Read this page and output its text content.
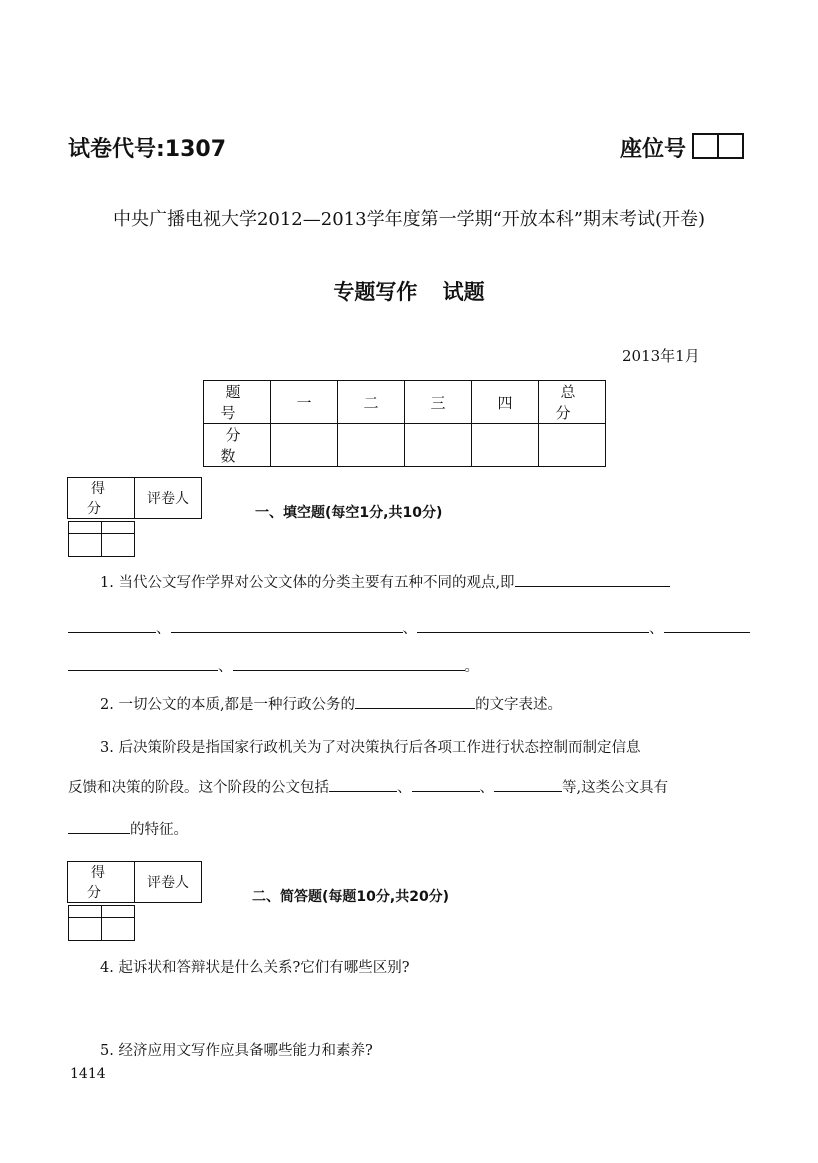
试卷代号:1307	座位号
中央广播电视大学2012—2013学年度第一学期“开放本科”期末考试(开卷)
专题写作 试题
2013年1月
题 号	一	二	三	四	总 分
分 数					
得 分	评卷人

一、填空题(每空1分,共10分)
1. 当代公文写作学界对公文文体的分类主要有五种不同的观点,即
、	、	、
、	。
2. 一切公文的本质,都是一种行政公务的	的文字表述。
3. 后决策阶段是指国家行政机关为了对决策执行后各项工作进行状态控制而制定信息
反馈和决策的阶段。这个阶段的公文包括	、	、	等,这类公文具有
的特征。
得 分	评卷人

二、简答题(每题10分,共20分)
4. 起诉状和答辩状是什么关系?它们有哪些区别?
5. 经济应用文写作应具备哪些能力和素养?
1414
